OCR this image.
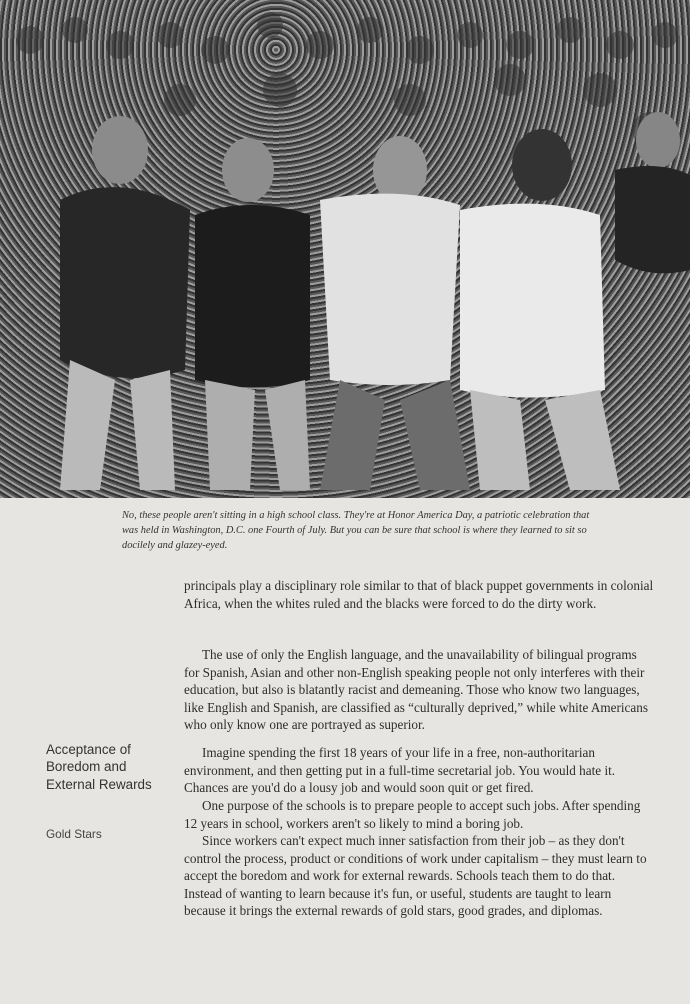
No, these people aren't sitting in a high school class. They're at Honor America Day, a patriotic celebration that was held in Washington, D.C. one Fourth of July. But you can be sure that school is where they learned to sit so docilely and glazey-eyed.

principals play a disciplinary role similar to that of black puppet governments in colonial Africa, when the whites ruled and the blacks were forced to do the dirty work.

The use of only the English language, and the unavailability of bilingual programs for Spanish, Asian and other non-English speaking people not only interferes with their education, but also is blatantly racist and demeaning. Those who know two languages, like English and Spanish, are classified as “culturally deprived,” while white Americans who only know one are portrayed as superior.

Acceptance of Boredom and External Rewards

Gold Stars

Imagine spending the first 18 years of your life in a free, non-authoritarian environment, and then getting put in a full-time secretarial job. You would hate it. Chances are you'd do a lousy job and would soon quit or get fired.

One purpose of the schools is to prepare people to accept such jobs. After spending 12 years in school, workers aren't so likely to mind a boring job.

Since workers can't expect much inner satisfaction from their job – as they don't control the process, product or conditions of work under capitalism – they must learn to accept the boredom and work for external rewards. Schools teach them to do that. Instead of wanting to learn because it's fun, or useful, students are taught to learn because it brings the external rewards of gold stars, good grades, and diplomas.
